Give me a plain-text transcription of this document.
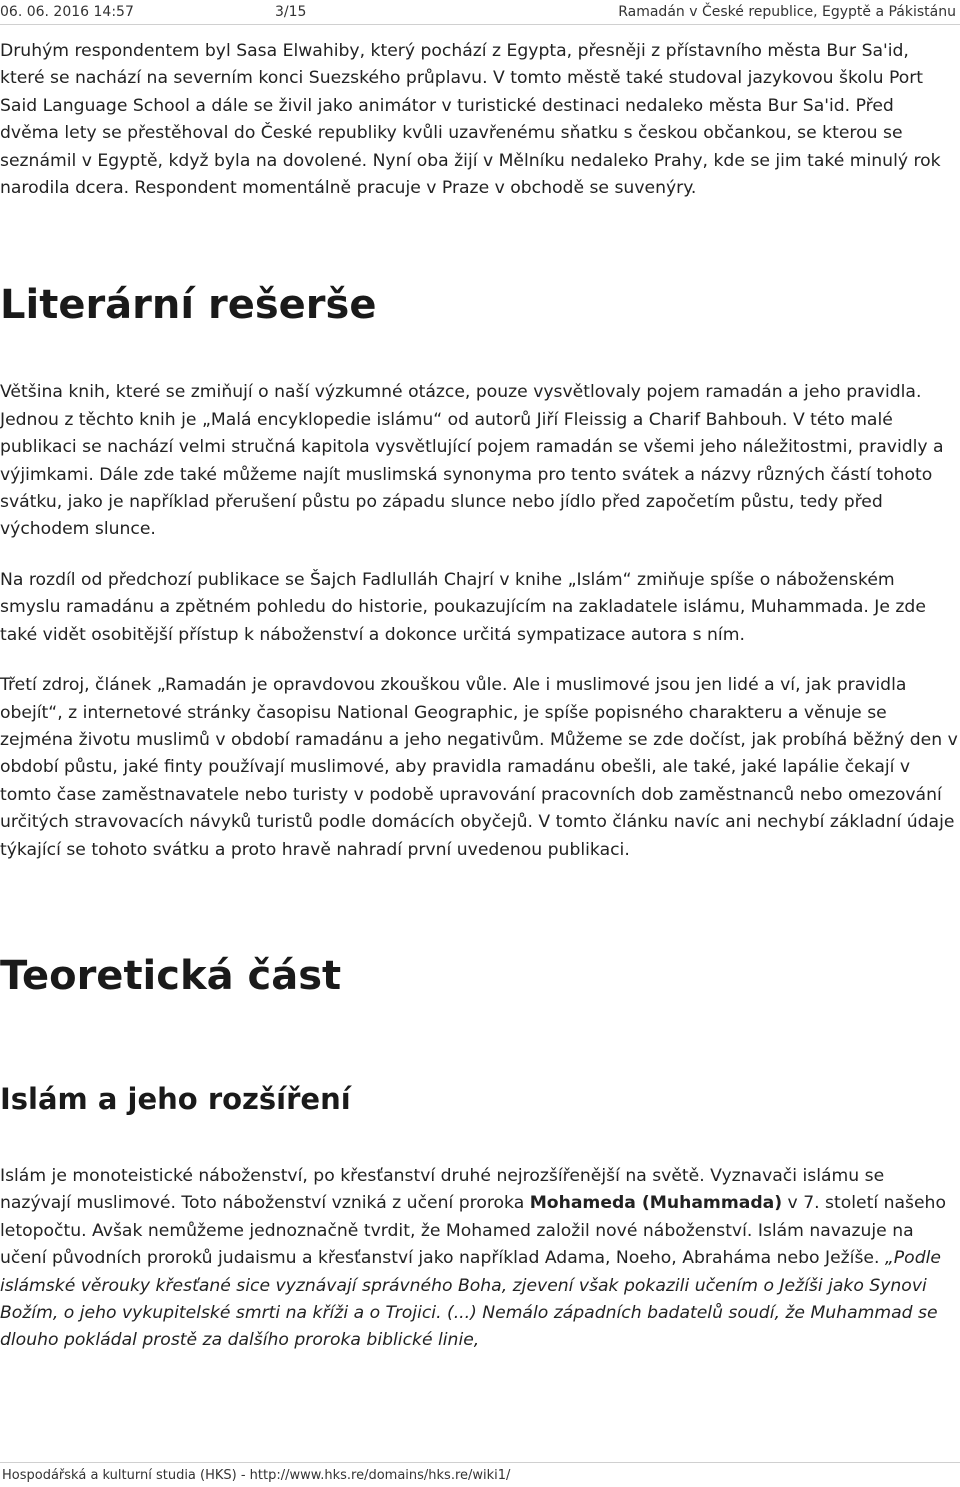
06. 06. 2016 14:57	3/15	Ramadán v České republice, Egyptě a Pákistánu

Druhým respondentem byl Sasa Elwahiby, který pochází z Egypta, přesněji z přístavního města Bur Sa'id, které se nachází na severním konci Suezského průplavu. V tomto městě také studoval jazykovou školu Port Said Language School a dále se živil jako animátor v turistické destinaci nedaleko města Bur Sa'id. Před dvěma lety se přestěhoval do České republiky kvůli uzavřenému sňatku s českou občankou, se kterou se seznámil v Egyptě, když byla na dovolené. Nyní oba žijí v Mělníku nedaleko Prahy, kde se jim také minulý rok narodila dcera. Respondent momentálně pracuje v Praze v obchodě se suvenýry.

Literární rešerše

Většina knih, které se zmiňují o naší výzkumné otázce, pouze vysvětlovaly pojem ramadán a jeho pravidla. Jednou z těchto knih je „Malá encyklopedie islámu“ od autorů Jiří Fleissig a Charif Bahbouh. V této malé publikaci se nachází velmi stručná kapitola vysvětlující pojem ramadán se všemi jeho náležitostmi, pravidly a výjimkami. Dále zde také můžeme najít muslimská synonyma pro tento svátek a názvy různých částí tohoto svátku, jako je například přerušení půstu po západu slunce nebo jídlo před započetím půstu, tedy před východem slunce.

Na rozdíl od předchozí publikace se Šajch Fadlulláh Chajrí v knihe „Islám“ zmiňuje spíše o náboženském smyslu ramadánu a zpětném pohledu do historie, poukazujícím na zakladatele islámu, Muhammada. Je zde také vidět osobitější přístup k náboženství a dokonce určitá sympatizace autora s ním.

Třetí zdroj, článek „Ramadán je opravdovou zkouškou vůle. Ale i muslimové jsou jen lidé a ví, jak pravidla obejít“, z internetové stránky časopisu National Geographic, je spíše popisného charakteru a věnuje se zejména životu muslimů v období ramadánu a jeho negativům. Můžeme se zde dočíst, jak probíhá běžný den v období půstu, jaké finty používají muslimové, aby pravidla ramadánu obešli, ale také, jaké lapálie čekají v tomto čase zaměstnavatele nebo turisty v podobě upravování pracovních dob zaměstnanců nebo omezování určitých stravovacích návyků turistů podle domácích obyčejů. V tomto článku navíc ani nechybí základní údaje týkající se tohoto svátku a proto hravě nahradí první uvedenou publikaci.

Teoretická část
Islám a jeho rozšíření

Islám je monoteistické náboženství, po křesťanství druhé nejrozšířenější na světě. Vyznavači islámu se nazývají muslimové. Toto náboženství vzniká z učení proroka Mohameda (Muhammada) v 7. století našeho letopočtu. Avšak nemůžeme jednoznačně tvrdit, že Mohamed založil nové náboženství. Islám navazuje na učení původních proroků judaismu a křesťanství jako například Adama, Noeho, Abraháma nebo Ježíše. „Podle islámské věrouky křesťané sice vyznávají správného Boha, zjevení však pokazili učením o Ježíši jako Synovi Božím, o jeho vykupitelské smrti na kříži a o Trojici. (...) Nemálo západních badatelů soudí, že Muhammad se dlouho pokládal prostě za dalšího proroka biblické linie,

Hospodářská a kulturní studia (HKS) - http://www.hks.re/domains/hks.re/wiki1/
